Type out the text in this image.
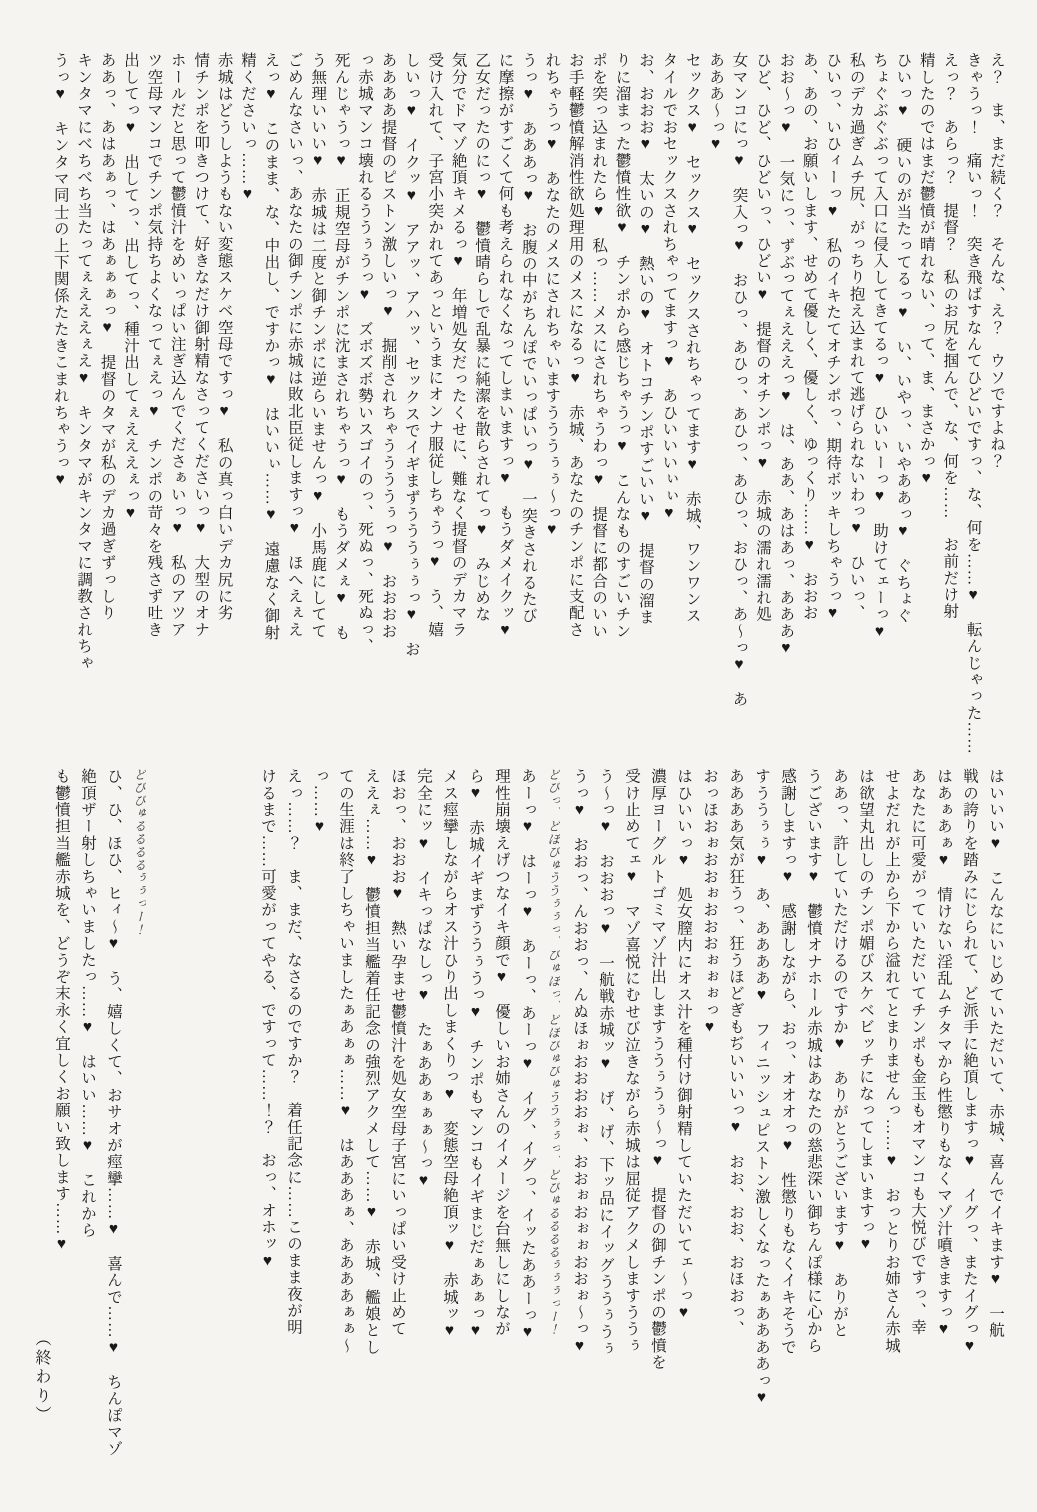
え？　ま、まだ続く？　そんな、え？　ウソですよね？
きゃうっ！　痛いっ！　突き飛ばすなんてひどいですっ、な、何を……♥　転んじゃった……
えっ？　あらっ？　提督？　私のお尻を掴んで、な、何を……　お前だけ射
精したのではまだ鬱憤が晴れない、って、ま、まさかっ♥
ひいっ♥　硬いのが当たってるっ♥　い、いやっ、いやああっ♥　ぐちょぐ
ちょぐぶぐぶって入口に侵入してきてるっ♥　ひいいーっ♥　助けてェーっ♥
私のデカ過ぎムチ尻、がっちり抱え込まれて逃げられないわっ♥　ひいっ、
ひいっ、いひィーっ♥　私のイキたてオチンポっ、期待ボッキしちゃうっ♥
あ、あの、お願いします、せめて優しく、優しく、ゆっくり……♥　おおお
おお〜っ♥　一気にっ、ずぶってぇえええっ♥　は、ああ、あはあっ、あああ♥
ひど、ひど、ひどいっ、ひどい♥　提督のオチンポっ♥　赤城の濡れ濡れ処
女マンコにっ♥　突入っ♥　おひっ、あひっ、あひっ、あひっ、おひっ、あ〜っ♥　あ
あああ〜っ♥
セックス♥　セックス♥　セックスされちゃってます♥　赤城、ワンワンス
タイルでおセックスされちゃってますっ♥　あひいいいぃぃ♥
お、おおお♥　太いの♥　熱いの♥　オトコチンポすごいい♥　提督の溜ま
りに溜まった鬱憤性欲♥　チンポから感じちゃうっ♥　こんなものすごいチン
ポを突っ込まれたら♥　私っ……メスにされちゃうわっ♥　提督に都合のいい
お手軽鬱憤解消性欲処理用のメスになるっ♥　赤城、あなたのチンポに支配さ
れちゃうっ♥　あなたのメスにされちゃいますうううぅぅ〜っ♥
うっ♥　あああっ♥　お腹の中がちんぽでいっぱいっ♥　一突きされるたび
に摩擦がすごくて何も考えられなくなってしまいますっ♥　もうダメイクッ♥
乙女だったのにっ♥　鬱憤晴らしで乱暴に純潔を散らされてっ♥　みじめな
気分でドマゾ絶頂キメるっ♥　年増処女だったくせに、難なく提督のデカマラ
受け入れて、子宮小突かれてあっというまにオンナ服従しちゃうっ♥　う、嬉
しいっ♥　イクッ♥　アアッ、アハッ、セックスでイギまずうううぅぅっ♥　お
ああああ提督のピストン激しいっ♥　掘削されちゃううううぅっ♥　おおおお
っ赤城マンコ壊れるううぅうっ♥　ズボズボ勢いスゴイのっ、死ぬっ、死ぬっ、
死んじゃうっ♥　正規空母がチンポに沈まされちゃうっ♥　もうダメぇ♥　も
う無理いいい♥　赤城は二度と御チンポに逆らいませんっ♥　小馬鹿にしてて
ごめんなさいっ、あなたの御チンポに赤城は敗北臣従しますっ♥　ほへえぇえ
えっ♥　このまま、な、中出し、ですかっ♥　はいいぃ……♥　遠慮なく御射
精くださいっ……♥
赤城はどうしようもない変態スケベ空母ですっ♥　私の真っ白いデカ尻に劣
情チンポを叩きつけて、好きなだけ御射精なさってくださいっ♥　大型のオナ
ホールだと思って鬱憤汁をめいっぱい注ぎ込んでくださぁいっ♥　私のアツア
ツ空母マンコでチンポ気持ちよくなってぇえっ♥　チンポの苛々を残さず吐き
出してっ♥　出してっ、出してっ、種汁出してぇえええぇっ♥
ああっ、あはあぁっ、はあぁぁぁっ♥　提督のタマが私のデカ過ぎずっしり
キンタマにべちべち当たってぇえええぇえ♥　キンタマがキンタマに調教されちゃ
うっ♥　キンタマ同士の上下関係たたきこまれちゃうっ♥
はいいい♥　こんなにいじめていただいて、赤城、喜んでイキます♥　一航
戦の誇りを踏みにじられて、ど派手に絶頂しますっ♥　イグっ、またイグっ♥
はあぁあぁ♥　情けない淫乱ムチタマから性懲りもなくマゾ汁噴きますっ♥
あなたに可愛がっていただいてチンポも金玉もオマンコも大悦びですっ、幸
せよだれが上から下から溢れてとまりませんっ……♥　おっとりお姉さん赤城
は欲望丸出しのチンポ媚びスケベビッチになってしまいますっ♥
ああっ、許していただけるのですか♥　ありがとうございます♥　ありがと
うございます♥　鬱憤オナホール赤城はあなたの慈悲深い御ちんぽ様に心から
感謝しますっ♥　感謝しながら、おっ、オオオっ♥　性懲りもなくイキそうで
すううぅぅ♥　あ、ああああ♥　フィニッシュピストン激しくなったぁああああっ♥
ああああ気が狂うっ、狂うほどぎもぢいいいっ♥　おお、おお、おほおっ、
おっほおぉおおぉおおおぉぉぉっ♥
はひいいっ♥　処女膣内にオス汁を種付け御射精していただいてェ〜っ♥
濃厚ヨーグルトゴミマゾ汁出しますううぅうぅ〜っ♥　提督の御チンポの鬱憤を
受け止めてェ♥　マゾ喜悦にむせび泣きながら赤城は屈従アクメしますううぅ
う〜っ♥　おおおっ♥　一航戦赤城ッ♥　げ、げ、下ッ品にイッグううぅうぅ
うっ♥　おおっ、んおおっ、んぬほぉおおおおぉ、おおぉおぉぉおおぉ〜っ♥
どびっ、どぼびゅううぅぅっ、びゅぼっ、どぼびゅびゅううぅぅっ、どびゅるるるるぅぅぅっー！
あーっ♥　はーっ♥　あーっ、あーっ♥　イグ、イグっ、イッたああーっ♥
理性崩壊えげつなイキ顔で♥　優しいお姉さんのイメージを台無しにしなが
ら♥　赤城イギまずううぅうっ♥　チンポもマンコもイギまじだぁあぁっ♥
メス痙攣しながらオス汁ひり出しまくりっ♥　変態空母絶頂ッ♥　赤城ッ♥
完全にッ♥　イキっぱなしっ♥　たぁああぁぁぁ〜っ♥
ほおっ、おおお♥　熱い孕ませ鬱憤汁を処女空母子宮にいっぱい受け止めて
ええぇ……♥　鬱憤担当艦着任記念の強烈アクメして……♥　赤城、艦娘とし
ての生涯は終了しちゃいましたぁあぁぁ……♥　はあああぁ、ああああぁぁ〜
っ……♥
えっ……？　ま、まだ、なさるのですか？　着任記念に……このまま夜が明
けるまで……可愛がってやる、ですって……！？　おっ、オホッ♥
どびびゅるるるるぅぅっー！
ひ、ひ、ほひ、ヒィ〜♥　う、嬉しくて、おサオが痙攣……♥　喜んで……♥　ちんぽマゾ
絶頂ザー射しちゃいましたっ……♥　はいい……♥　これから
も鬱憤担当艦赤城を、どうぞ末永く宜しくお願い致します……♥
（終わり）
